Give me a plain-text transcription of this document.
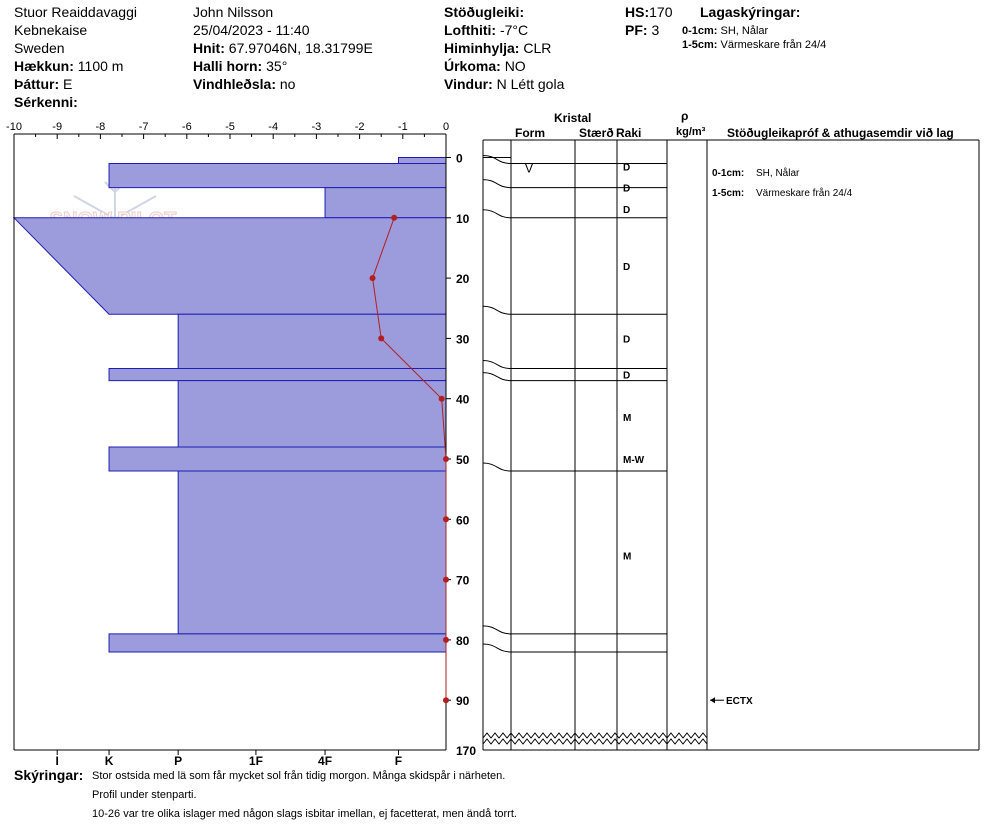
Stuor Reaiddavaggi
Kebnekaise
Sweden
Hækkun: 1100 m
Þáttur: E
Sérkenni:
John Nilsson
25/04/2023 - 11:40
Hnit: 67.97046N, 18.31799E
Halli horn: 35°
Vindhleðsla: no
Stöðugleiki:
Lofthiti: -7°C
Himinhylja: CLR
Úrkoma: NO
Vindur: N Létt gola
HS:170
PF: 3
Lagaskýringar:
0-1cm: SH, Nålar
1-5cm: Värmeskare från 24/4
Kristal
Form	Stærð Raki
ρ
kg/m³ Stöðugleikapróf & athugasemdir við lag
-10	-9	-8	-7	-6	-5	-4	-3	-2	-1	0
0
10
20
30
40
50
60
70
80
90
170
I	K	P	1F	4F	F
V	D
D
D
D
D
D
M
M-W
M
0-1cm: SH, Nålar
1-5cm: Värmeskare från 24/4
ECTX
Skýringar: Stor ostsida med lä som får mycket sol från tidig morgon. Många skidspår i närheten.
Profil under stenparti.
10-26 var tre olika islager med någon slags isbitar imellan, ej facetterat, men ändå torrt.
